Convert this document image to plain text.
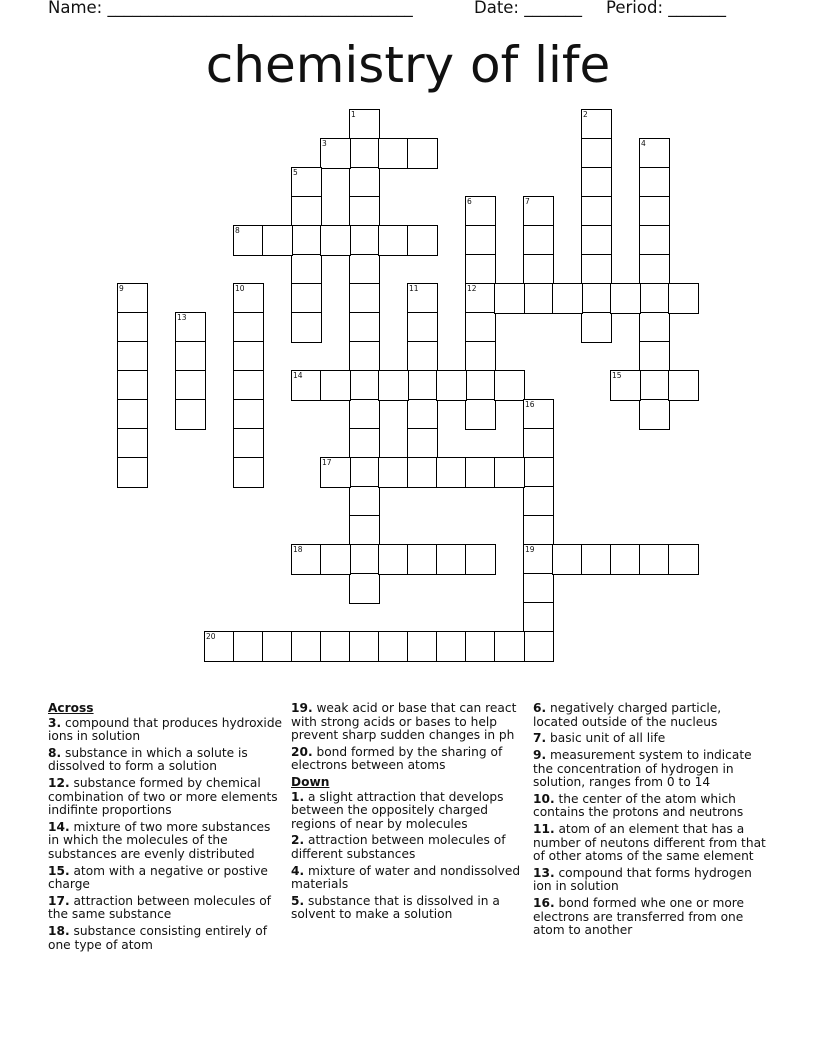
Name: _____________________________________	Date: _______ Period: _______
chemistry of life
1	2
3	4
5
6
12
7
8
9	10	11
13
14	15
16
19
17
18
20
Across
3. compound that produces hydroxide ions in solution
8. substance in which a solute is dissolved to form a solution
12. substance formed by chemical combination of two or more elements indifinte proportions
14. mixture of two more substances in which the molecules of the substances are evenly distributed
15. atom with a negative or postive charge
17. attraction between molecules of the same substance
18. substance consisting entirely of one type of atom
19. weak acid or base that can react with strong acids or bases to help prevent sharp sudden changes in ph
20. bond formed by the sharing of electrons between atoms
Down
1. a slight attraction that develops between the oppositely charged regions of near by molecules
2. attraction between molecules of different substances
4. mixture of water and nondissolved materials
5. substance that is dissolved in a solvent to make a solution
6. negatively charged particle, located outside of the nucleus
7. basic unit of all life
9. measurement system to indicate the concentration of hydrogen in solution, ranges from 0 to 14
10. the center of the atom which contains the protons and neutrons
11. atom of an element that has a number of neutons different from that of other atoms of the same element
13. compound that forms hydrogen ion in solution
16. bond formed whe one or more electrons are transferred from one atom to another
